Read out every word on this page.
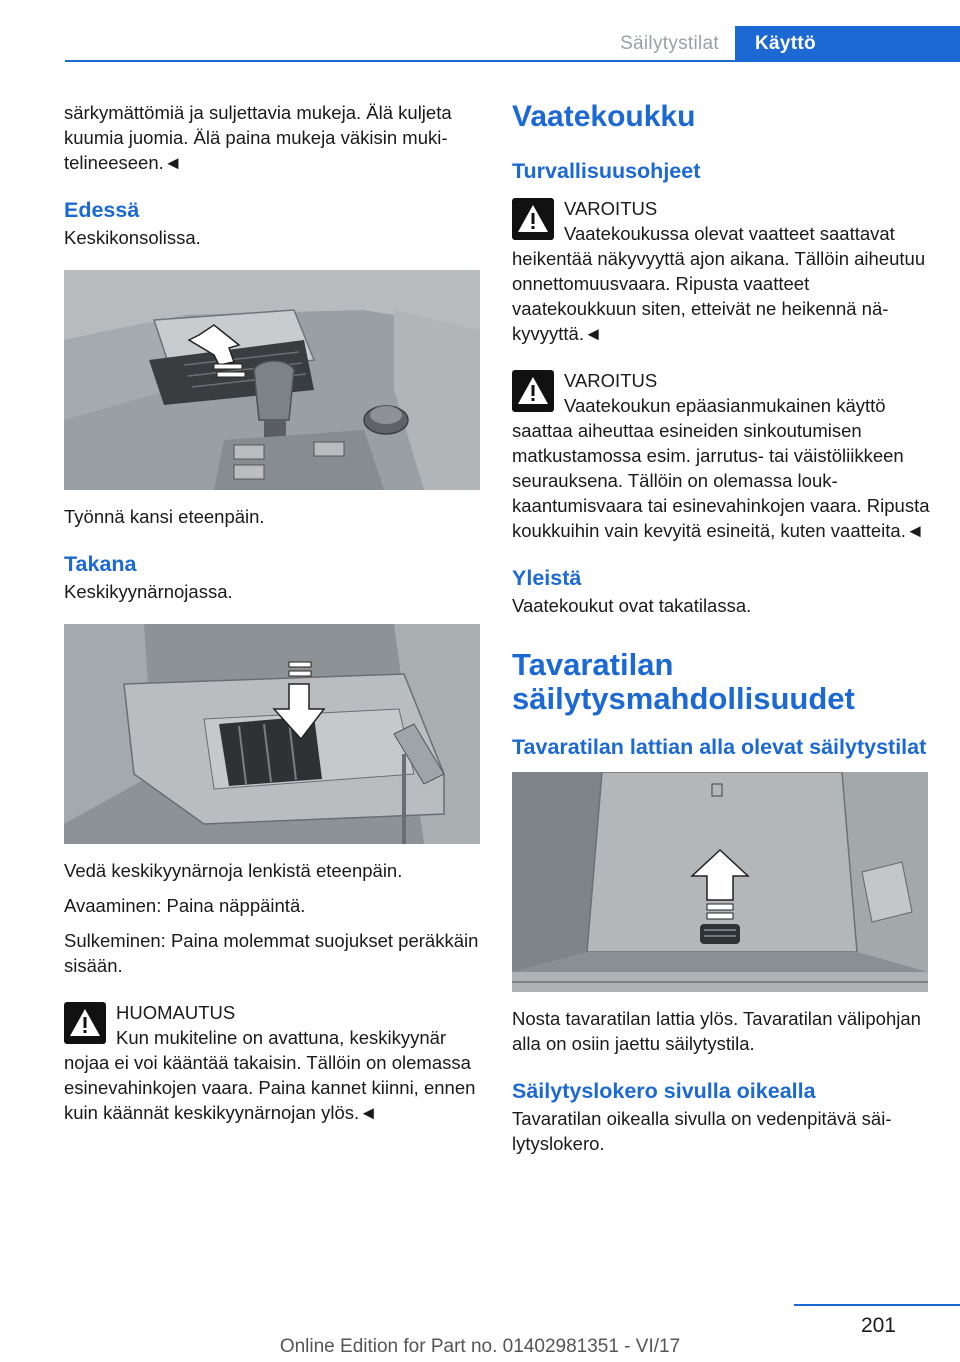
Säilytystilat	Käyttö

särkymättömiä ja suljettavia mukeja. Älä kuljeta kuumia juomia. Älä paina mukeja väkisin mukitelineeseen.◄

Edessä

Keskikonsolissa.

Työnnä kansi eteenpäin.

Takana

Keskikyynärnojassa.

Vedä keskikyynärnoja lenkistä eteenpäin.

Avaaminen: Paina näppäintä.

Sulkeminen: Paina molemmat suojukset peräkkäin sisään.

HUOMAUTUS
Kun mukiteline on avattuna, keskikyynär
nojaa ei voi kääntää takaisin. Tällöin on olemassa esinevahinkojen vaara. Paina kannet kiinni, ennen kuin käännät keskikyynärnojan ylös.◄
Vaatekoukku
Turvallisuusohjeet
VAROITUS
Vaatekoukussa olevat vaatteet saattavat
heikentää näkyvyyttä ajon aikana. Tällöin aiheutuu onnettomuusvaara. Ripusta vaatteet vaatekoukkuun siten, etteivät ne heikennä näkyvyyttä.◄
VAROITUS
Vaatekoukun epäasianmukainen käyttö
saattaa aiheuttaa esineiden sinkoutumisen matkustamossa esim. jarrutus- tai väistöliikkeen seurauksena. Tällöin on olemassa loukkaantumisvaara tai esinevahinkojen vaara. Ripusta koukkuihin vain kevyitä esineitä, kuten vaatteita.◄
Yleistä

Vaatekoukut ovat takatilassa.

Tavaratilan säilytysmahdollisuudet
Tavaratilan lattian alla olevat säilytystilat

Nosta tavaratilan lattia ylös. Tavaratilan välipohjan alla on osiin jaettu säilytystila.

Säilytyslokero sivulla oikealla

Tavaratilan oikealla sivulla on vedenpitävä säilytyslokero.

201
Online Edition for Part no. 01402981351 - VI/17
